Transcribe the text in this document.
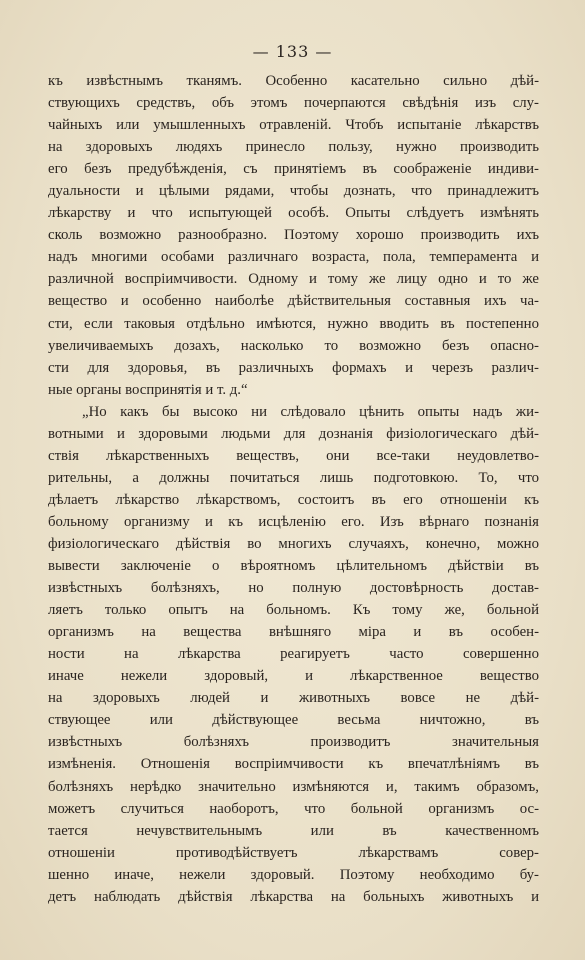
— 133 —
къ извѣстнымъ тканямъ. Особенно касательно сильно дѣй-
ствующихъ средствъ, объ этомъ почерпаются свѣдѣнія изъ слу-
чайныхъ или умышленныхъ отравленій. Чтобъ испытаніе лѣкарствъ
на здоровыхъ людяхъ принесло пользу, нужно производить
его безъ предубѣжденія, съ принятіемъ въ соображеніе индиви-
дуальности и цѣлыми рядами, чтобы дознать, что принадлежитъ
лѣкарству и что испытующей особѣ. Опыты слѣдуетъ измѣнять
сколь возможно разнообразно. Поэтому хорошо производить ихъ
надъ многими особами различнаго возраста, пола, темперамента и
различной воспріимчивости. Одному и тому же лицу одно и то же
вещество и особенно наиболѣе дѣйствительныя составныя ихъ ча-
сти, если таковыя отдѣльно имѣются, нужно вводить въ постепенно
увеличиваемыхъ дозахъ, насколько то возможно безъ опасно-
сти для здоровья, въ различныхъ формахъ и черезъ различ-
ные органы воспринятія и т. д.“
„Но какъ бы высоко ни слѣдовало цѣнить опыты надъ жи-
вотными и здоровыми людьми для дознанія физіологическаго дѣй-
ствія лѣкарственныхъ веществъ, они все-таки неудовлетво-
рительны, а должны почитаться лишь подготовкою. То, что
дѣлаетъ лѣкарство лѣкарствомъ, состоитъ въ его отношеніи къ
больному организму и къ исцѣленію его. Изъ вѣрнаго познанія
физіологическаго дѣйствія во многихъ случаяхъ, конечно, можно
вывести заключеніе о вѣроятномъ цѣлительномъ дѣйствіи въ
извѣстныхъ болѣзняхъ, но полную достовѣрность достав-
ляетъ только опытъ на больномъ. Къ тому же, больной
организмъ на вещества внѣшняго міра и въ особен-
ности на лѣкарства реагируетъ часто совершенно
иначе нежели здоровый, и лѣкарственное вещество
на здоровыхъ людей и животныхъ вовсе не дѣй-
ствующее или дѣйствующее весьма ничтожно, въ
извѣстныхъ болѣзняхъ производитъ значительныя
измѣненія. Отношенія воспріимчивости къ впечатлѣніямъ въ
болѣзняхъ нерѣдко значительно измѣняются и, такимъ образомъ,
можетъ случиться наоборотъ, что больной организмъ ос-
тается нечувствительнымъ или въ качественномъ
отношеніи противодѣйствуетъ лѣкарствамъ совер-
шенно иначе, нежели здоровый. Поэтому необходимо бу-
детъ наблюдать дѣйствія лѣкарства на больныхъ животныхъ и
